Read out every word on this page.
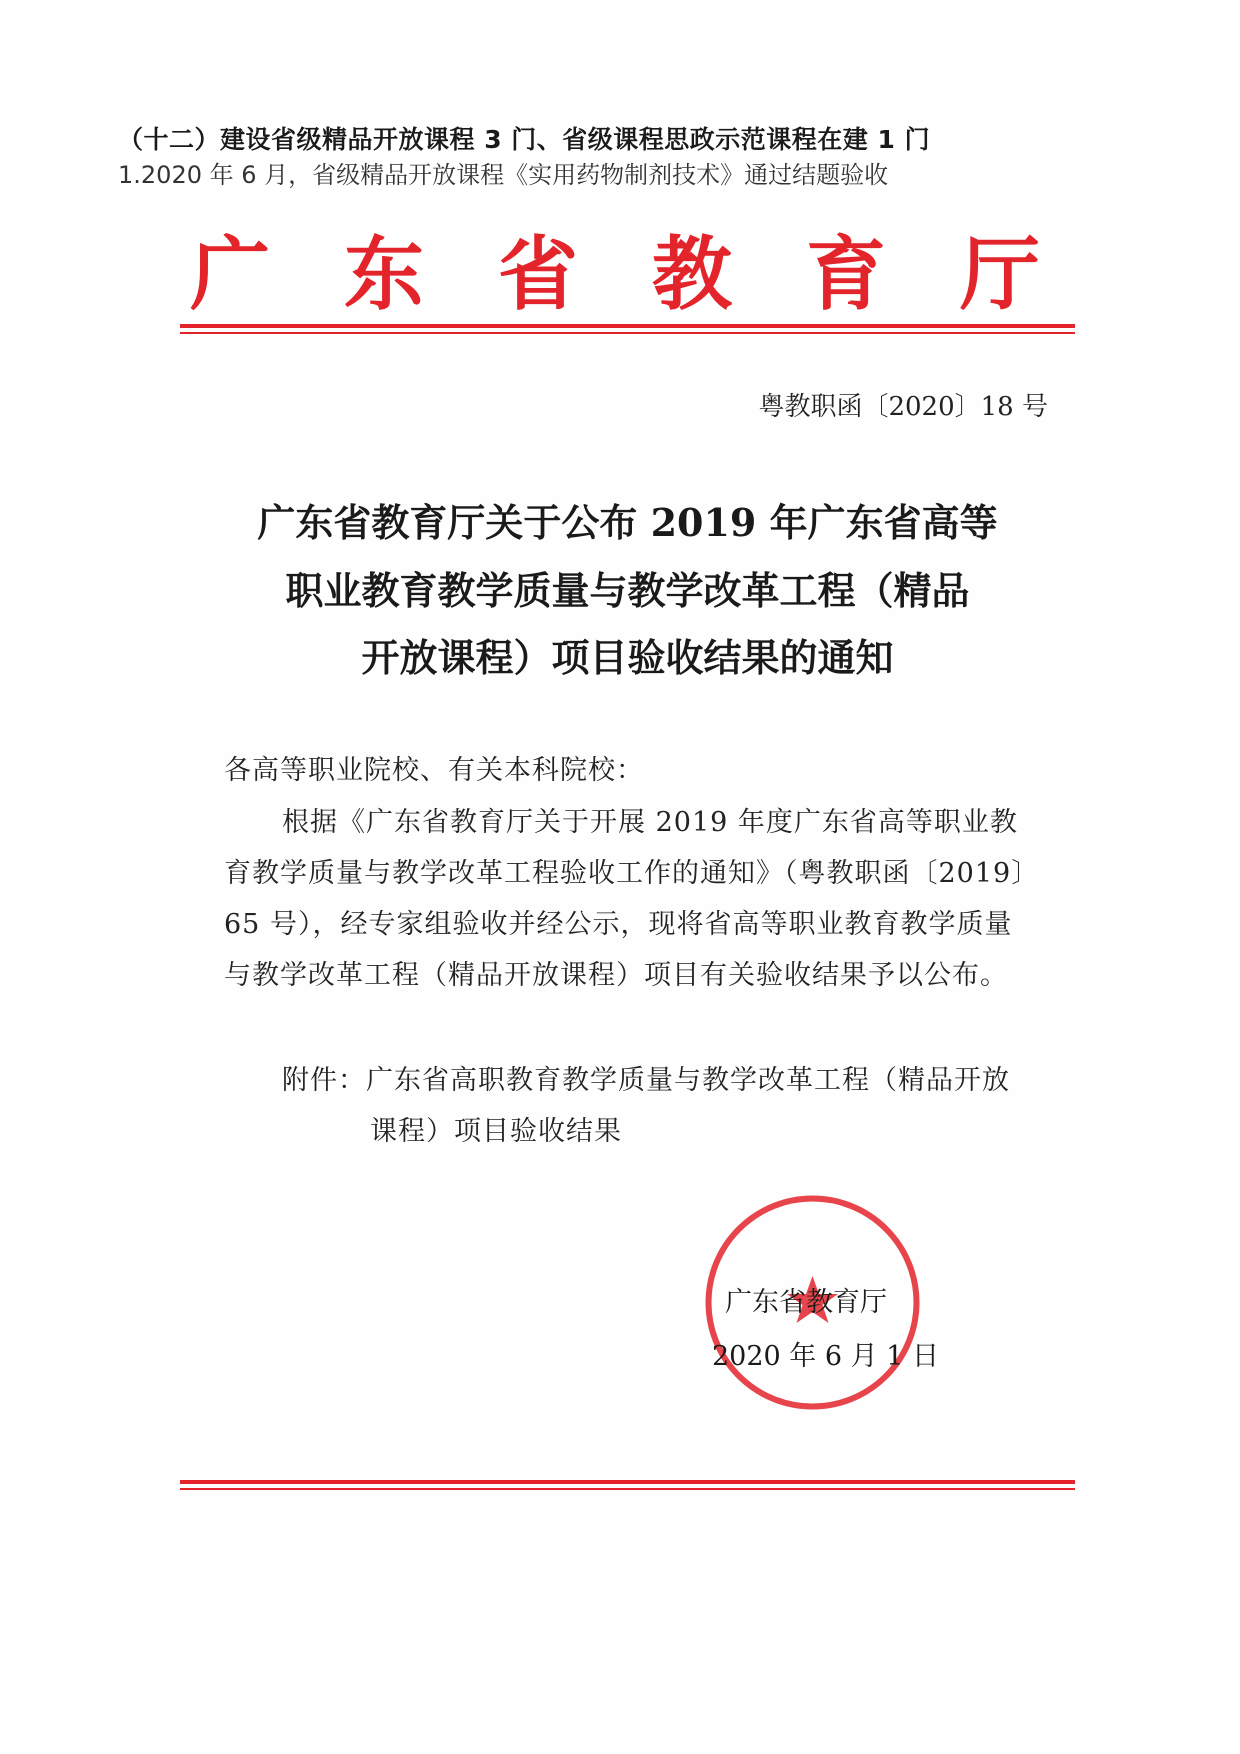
（十二）建设省级精品开放课程 3 门、省级课程思政示范课程在建 1 门
1.2020 年 6 月，省级精品开放课程《实用药物制剂技术》通过结题验收
广 东 省 教 育 厅
粤教职函〔2020〕18 号
广东省教育厅关于公布 2019 年广东省高等
职业教育教学质量与教学改革工程（精品
开放课程）项目验收结果的通知
各高等职业院校、有关本科院校：
根据《广东省教育厅关于开展 2019 年度广东省高等职业教
育教学质量与教学改革工程验收工作的通知》（粤教职函〔2019〕
65 号），经专家组验收并经公示，现将省高等职业教育教学质量
与教学改革工程（精品开放课程）项目有关验收结果予以公布。
附件：广东省高职教育教学质量与教学改革工程（精品开放
课程）项目验收结果
广东省教育厅
2020 年 6 月 1 日
